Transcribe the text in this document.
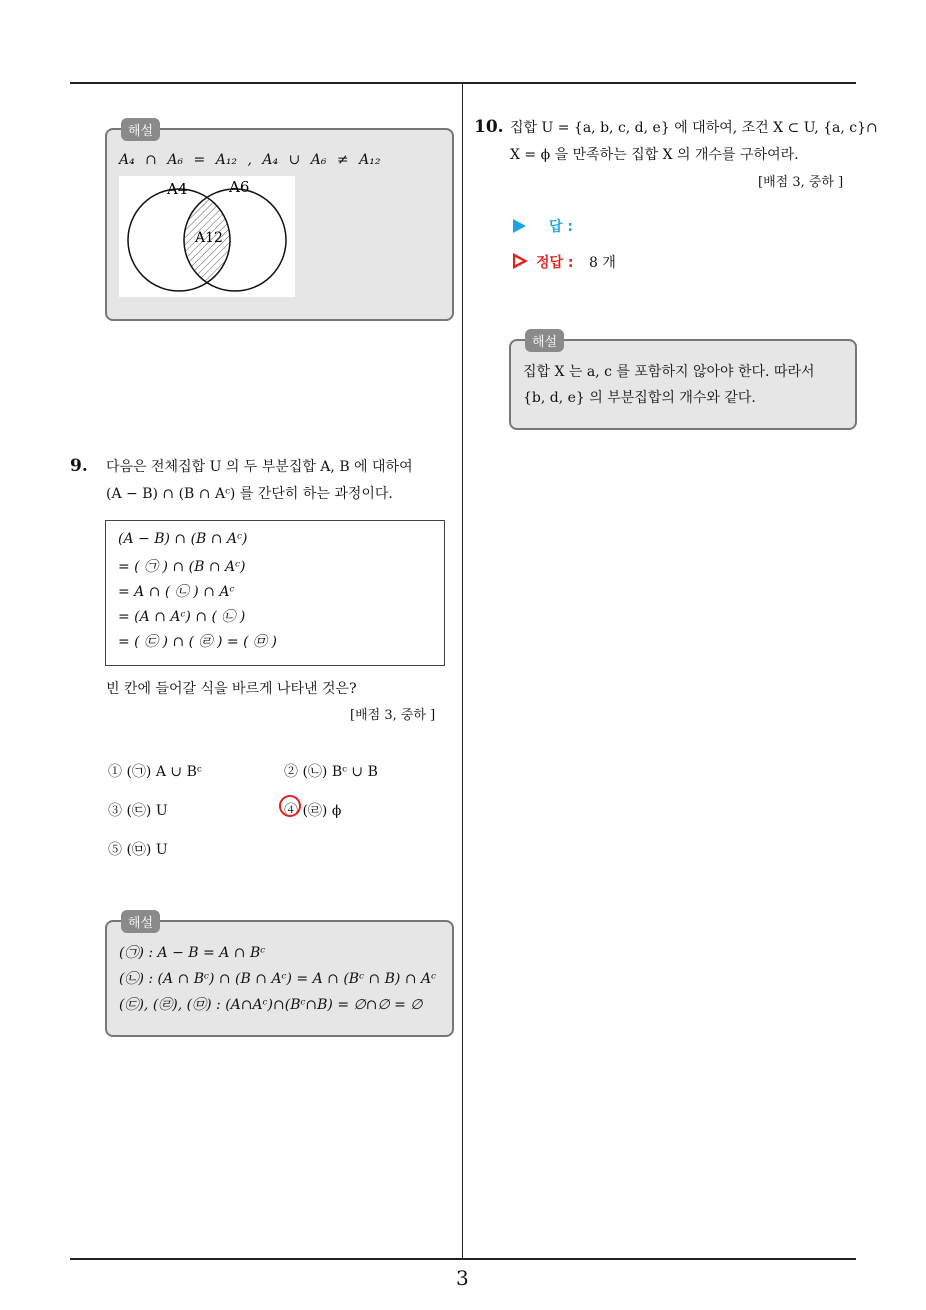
해설
A₄ ∩ A₆ = A₁₂ , A₄ ∪ A₆ ≠ A₁₂
A4	A6
A12
9. 다음은 전체집합 U 의 두 부분집합 A, B 에 대하여
(A − B) ∩ (B ∩ Aᶜ) 를 간단히 하는 과정이다.
(A − B) ∩ (B ∩ Aᶜ)
= ( ㉠ ) ∩ (B ∩ Aᶜ)
= A ∩ ( ㉡ ) ∩ Aᶜ
= (A ∩ Aᶜ) ∩ ( ㉡ )
= ( ㉢ ) ∩ ( ㉣ ) = ( ㉤ )
빈 칸에 들어갈 식을 바르게 나타낸 것은?
[배점 3, 중하 ]
① (㉠) A ∪ Bᶜ	② (㉡) Bᶜ ∪ B
③ (㉢) U	④ (㉣) ϕ
⑤ (㉤) U
해설
(㉠) : A − B = A ∩ Bᶜ
(㉡) : (A ∩ Bᶜ) ∩ (B ∩ Aᶜ) = A ∩ (Bᶜ ∩ B) ∩ Aᶜ
(㉢), (㉣), (㉤) : (A∩Aᶜ)∩(Bᶜ∩B) = ∅∩∅ = ∅
10. 집합 U = {a, b, c, d, e} 에 대하여, 조건 X ⊂ U, {a, c}∩
X = ϕ 을 만족하는 집합 X 의 개수를 구하여라.
[배점 3, 중하 ]
답 :
정답 : 8 개
해설
집합 X 는 a, c 를 포함하지 않아야 한다. 따라서
{b, d, e} 의 부분집합의 개수와 같다.
3
